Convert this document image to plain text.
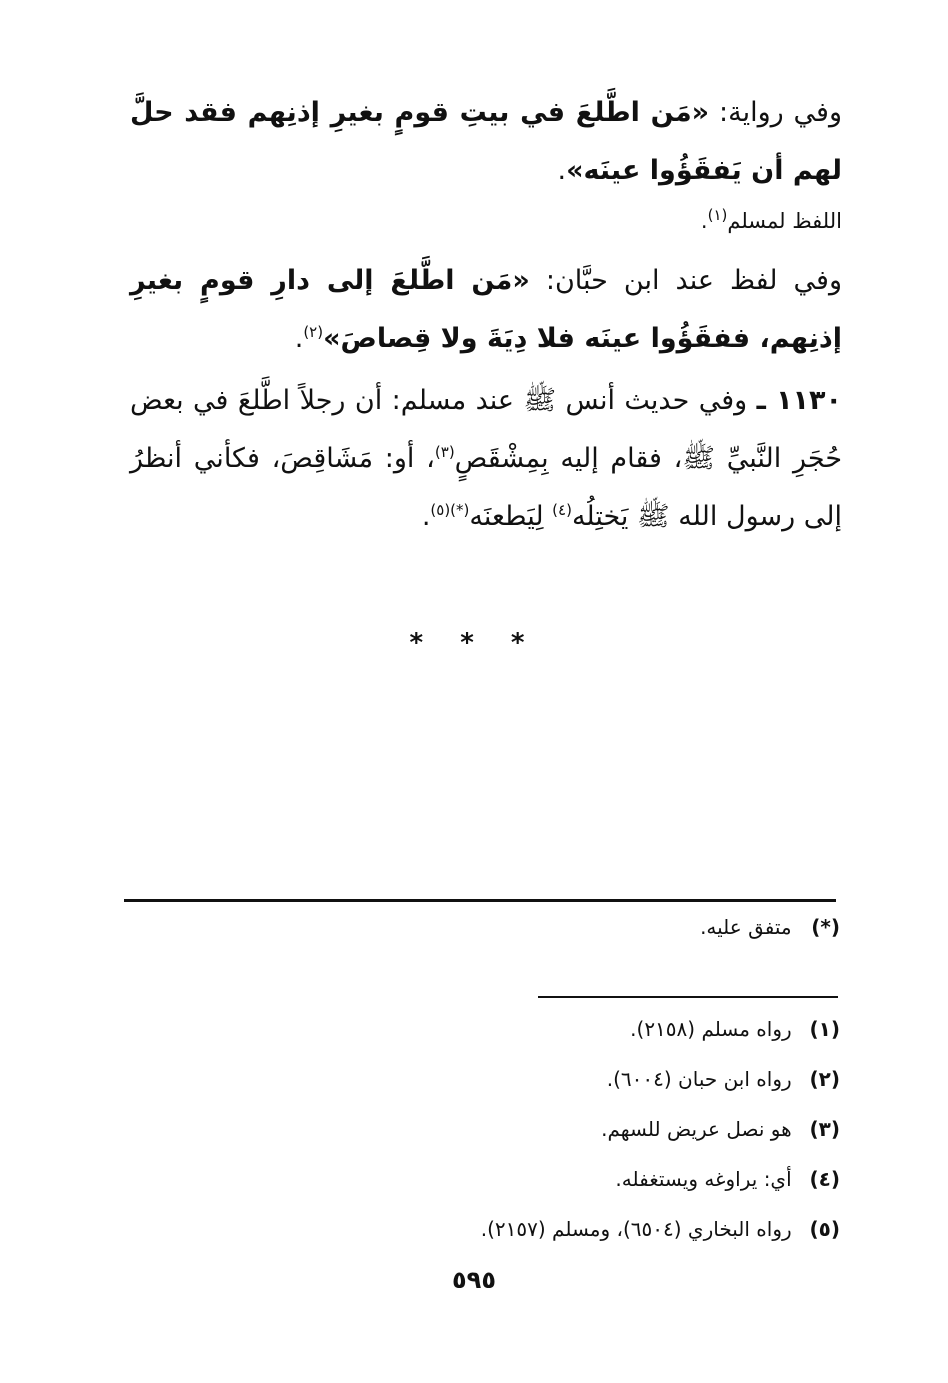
وفي رواية: «مَن اطَّلعَ في بيتِ قومٍ بغيرِ إذنِهم فقد حلَّ لهم أن يَفقَؤُوا عينَه».
اللفظ لمسلم$^{(١)}$.
وفي لفظ عند ابن حبَّان: «مَن اطَّلعَ إلى دارِ قومٍ بغيرِ إذنِهم، ففقَؤُوا عينَه فلا دِيَةَ ولا قِصاصَ»$^{(٢)}$.
١١٣٠ ـ وفي حديث أنس ﷺ عند مسلم: أن رجلاً اطَّلعَ في بعض حُجَرِ النَّبيِّ ﷺ، فقام إليه بِمِشْقَصٍ$^{(٣)}$، أو: مَشَاقِصَ، فكأني أنظرُ إلى رسول الله ﷺ يَختِلُه$^{(٤)}$ لِيَطعنَه$^{(*)(٥)}$.
* * *
(*) متفق عليه.
(١) رواه مسلم (٢١٥٨).
(٢) رواه ابن حبان (٦٠٠٤).
(٣) هو نصل عريض للسهم.
(٤) أي: يراوغه ويستغفله.
(٥) رواه البخاري (٦٥٠٤)، ومسلم (٢١٥٧).
٥٩٥
